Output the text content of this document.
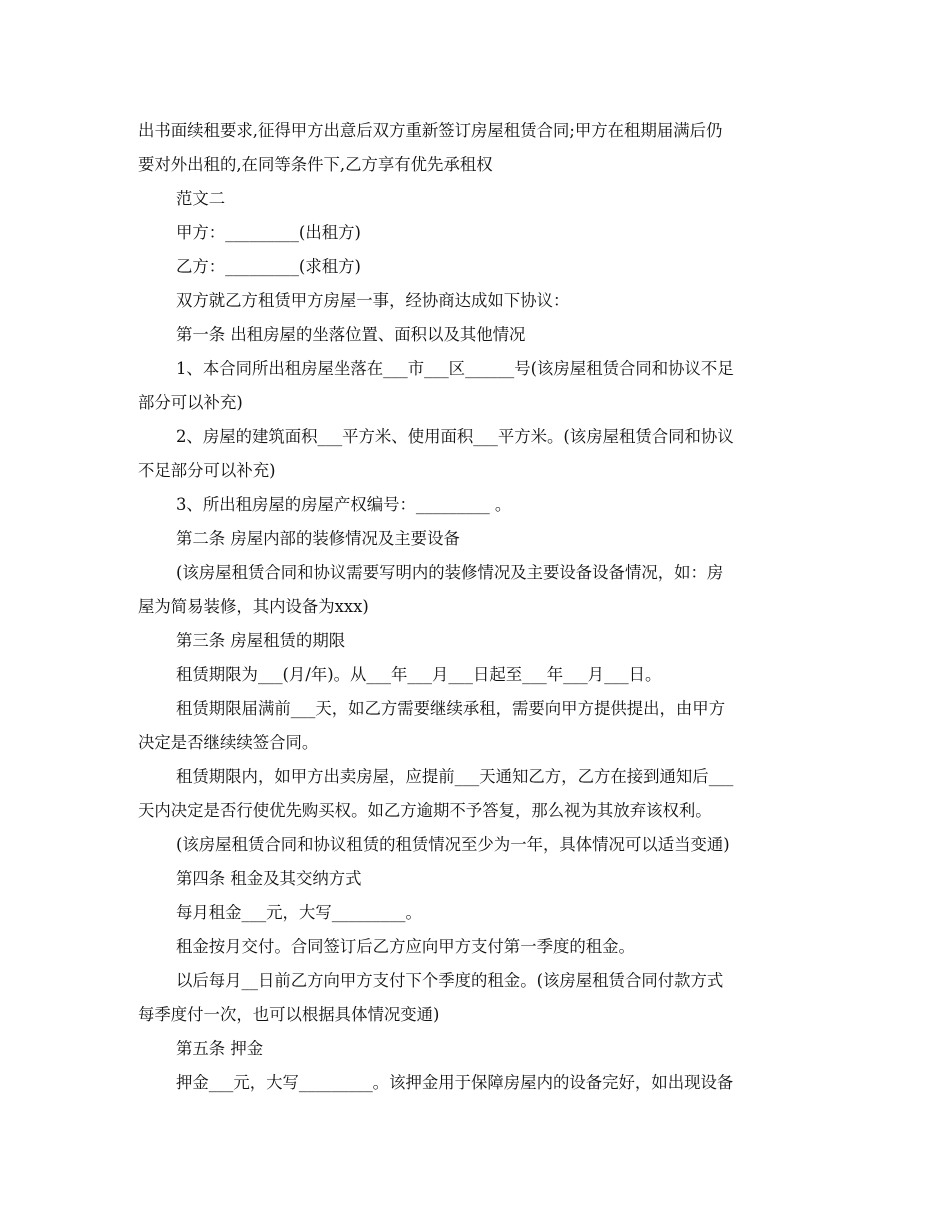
出书面续租要求,征得甲方出意后双方重新签订房屋租赁合同;甲方在租期届满后仍
要对外出租的,在同等条件下,乙方享有优先承租权
范文二
甲方：_________(出租方)
乙方：_________(求租方)
双方就乙方租赁甲方房屋一事，经协商达成如下协议：
第一条 出租房屋的坐落位置、面积以及其他情况
1、本合同所出租房屋坐落在___市___区______号(该房屋租赁合同和协议不足
部分可以补充)
2、房屋的建筑面积___平方米、使用面积___平方米。(该房屋租赁合同和协议
不足部分可以补充)
3、所出租房屋的房屋产权编号：_________ 。
第二条 房屋内部的装修情况及主要设备
(该房屋租赁合同和协议需要写明内的装修情况及主要设备设备情况，如：房
屋为简易装修，其内设备为xxx)
第三条 房屋租赁的期限
租赁期限为___(月/年)。从___年___月___日起至___年___月___日。
租赁期限届满前___天，如乙方需要继续承租，需要向甲方提供提出，由甲方
决定是否继续续签合同。
租赁期限内，如甲方出卖房屋，应提前___天通知乙方，乙方在接到通知后___
天内决定是否行使优先购买权。如乙方逾期不予答复，那么视为其放弃该权利。
(该房屋租赁合同和协议租赁的租赁情况至少为一年，具体情况可以适当变通)
第四条 租金及其交纳方式
每月租金___元，大写_________。
租金按月交付。合同签订后乙方应向甲方支付第一季度的租金。
以后每月__日前乙方向甲方支付下个季度的租金。(该房屋租赁合同付款方式
每季度付一次，也可以根据具体情况变通)
第五条 押金
押金___元，大写_________。该押金用于保障房屋内的设备完好，如出现设备
